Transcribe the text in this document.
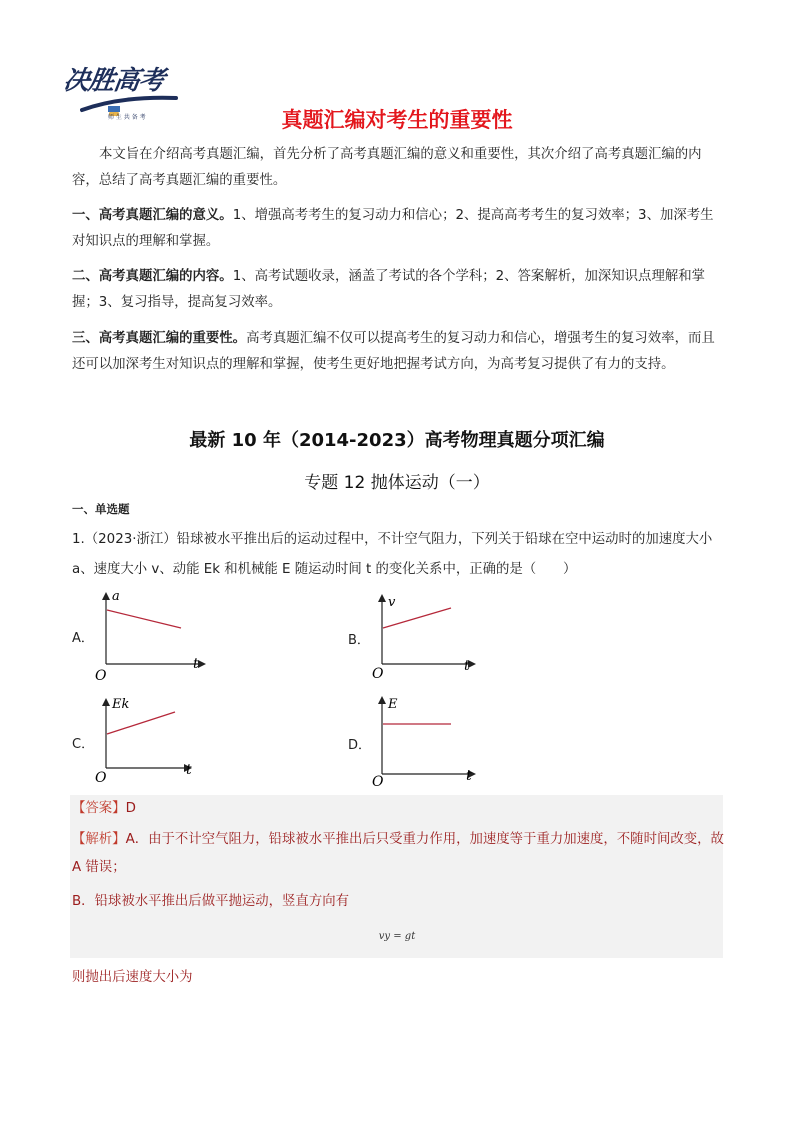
决胜高考
师 生 共 备 考	真题汇编对考生的重要性

本文旨在介绍高考真题汇编，首先分析了高考真题汇编的意义和重要性，其次介绍了高考真题汇编的内容，总结了高考真题汇编的重要性。

一、高考真题汇编的意义。1、增强高考考生的复习动力和信心；2、提高高考考生的复习效率；3、加深考生对知识点的理解和掌握。

二、高考真题汇编的内容。1、高考试题收录，涵盖了考试的各个学科；2、答案解析，加深知识点理解和掌握；3、复习指导，提高复习效率。

三、高考真题汇编的重要性。高考真题汇编不仅可以提高考生的复习动力和信心，增强考生的复习效率，而且还可以加深考生对知识点的理解和掌握，使考生更好地把握考试方向，为高考复习提供了有力的支持。

最新 10 年（2014-2023）高考物理真题分项汇编
专题 12 抛体运动（一）
一、单选题
1.（2023·浙江）铅球被水平推出后的运动过程中，不计空气阻力，下列关于铅球在空中运动时的加速度大小 a、速度大小 v、动能 Ek 和机械能 E 随运动时间 t 的变化关系中，正确的是（　　）
A．
a
t
O
B．
v
t
O
C．
Ek
t
O
D．
E
t
O
【答案】D
【解析】A．由于不计空气阻力，铅球被水平推出后只受重力作用，加速度等于重力加速度，不随时间改变，故 A 错误；
B．铅球被水平推出后做平抛运动，竖直方向有
vy = gt
则抛出后速度大小为
